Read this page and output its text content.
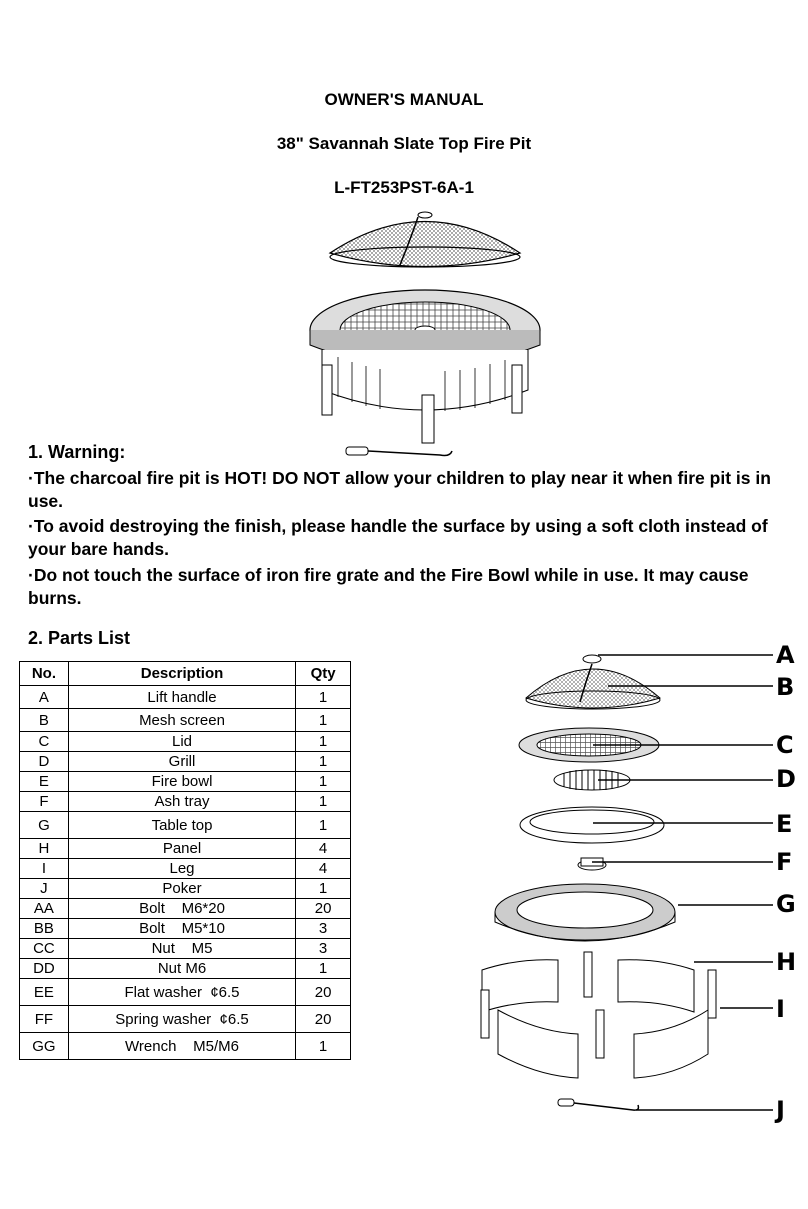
OWNER'S MANUAL
38" Savannah Slate Top Fire Pit
L-FT253PST-6A-1
1. Warning:
·The charcoal fire pit is HOT! DO NOT allow your children to play near it when fire pit is in use.
·To avoid destroying the finish, please handle the surface by using a soft cloth instead of your bare hands.
·Do not touch the surface of iron fire grate and the Fire Bowl while in use. It may cause burns.
2. Parts List
No.	Description	Qty
A	Lift handle	1
B	Mesh screen	1
C	Lid	1
D	Grill	1
E	Fire bowl	1
F	Ash tray	1
G	Table top	1
H	Panel	4
I	Leg	4
J	Poker	1
AA	Bolt    M6*20	20
BB	Bolt    M5*10	3
CC	Nut    M5	3
DD	Nut M6	1
EE	Flat washer  ¢6.5	20
FF	Spring washer  ¢6.5	20
GG	Wrench    M5/M6	1
A
B
C
D
E
F
G
H
I
J
